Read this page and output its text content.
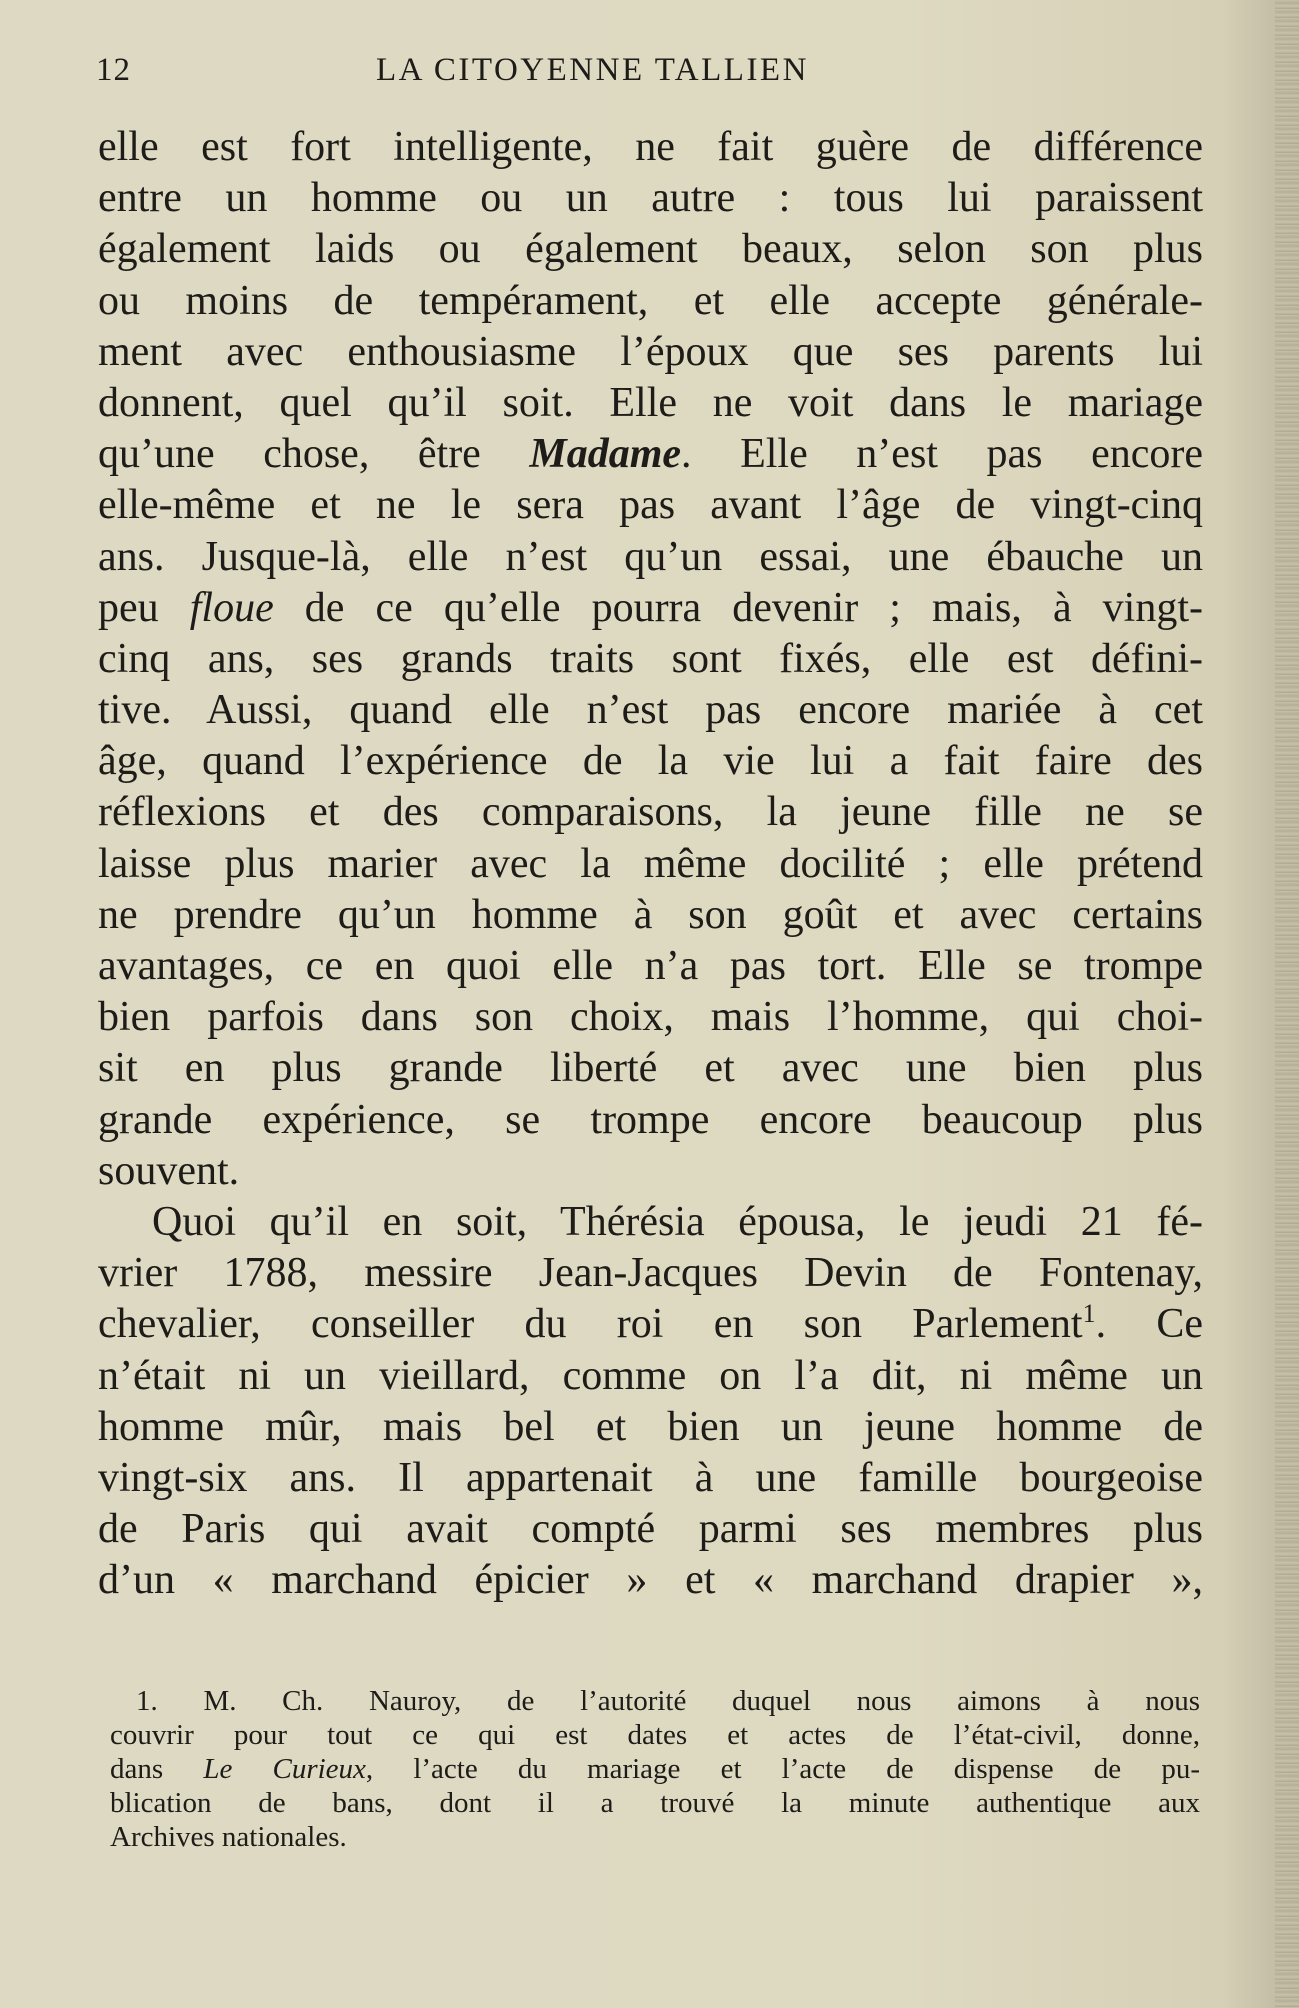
12	LA CITOYENNE TALLIEN
elle est fort intelligente, ne fait guère de différence
entre un homme ou un autre : tous lui paraissent
également laids ou également beaux, selon son plus
ou moins de tempérament, et elle accepte générale-
ment avec enthousiasme l’époux que ses parents lui
donnent, quel qu’il soit. Elle ne voit dans le mariage
qu’une chose, être Madame. Elle n’est pas encore
elle-même et ne le sera pas avant l’âge de vingt-cinq
ans. Jusque-là, elle n’est qu’un essai, une ébauche un
peu floue de ce qu’elle pourra devenir ; mais, à vingt-
cinq ans, ses grands traits sont fixés, elle est défini-
tive. Aussi, quand elle n’est pas encore mariée à cet
âge, quand l’expérience de la vie lui a fait faire des
réflexions et des comparaisons, la jeune fille ne se
laisse plus marier avec la même docilité ; elle prétend
ne prendre qu’un homme à son goût et avec certains
avantages, ce en quoi elle n’a pas tort. Elle se trompe
bien parfois dans son choix, mais l’homme, qui choi-
sit en plus grande liberté et avec une bien plus
grande expérience, se trompe encore beaucoup plus
souvent.
Quoi qu’il en soit, Thérésia épousa, le jeudi 21 fé-
vrier 1788, messire Jean-Jacques Devin de Fontenay,
chevalier, conseiller du roi en son Parlement$^1$. Ce
n’était ni un vieillard, comme on l’a dit, ni même un
homme mûr, mais bel et bien un jeune homme de
vingt-six ans. Il appartenait à une famille bourgeoise
de Paris qui avait compté parmi ses membres plus
d’un « marchand épicier » et « marchand drapier »,
1. M. Ch. Nauroy, de l’autorité duquel nous aimons à nous
couvrir pour tout ce qui est dates et actes de l’état-civil, donne,
dans Le Curieux, l’acte du mariage et l’acte de dispense de pu-
blication de bans, dont il a trouvé la minute authentique aux
Archives nationales.
